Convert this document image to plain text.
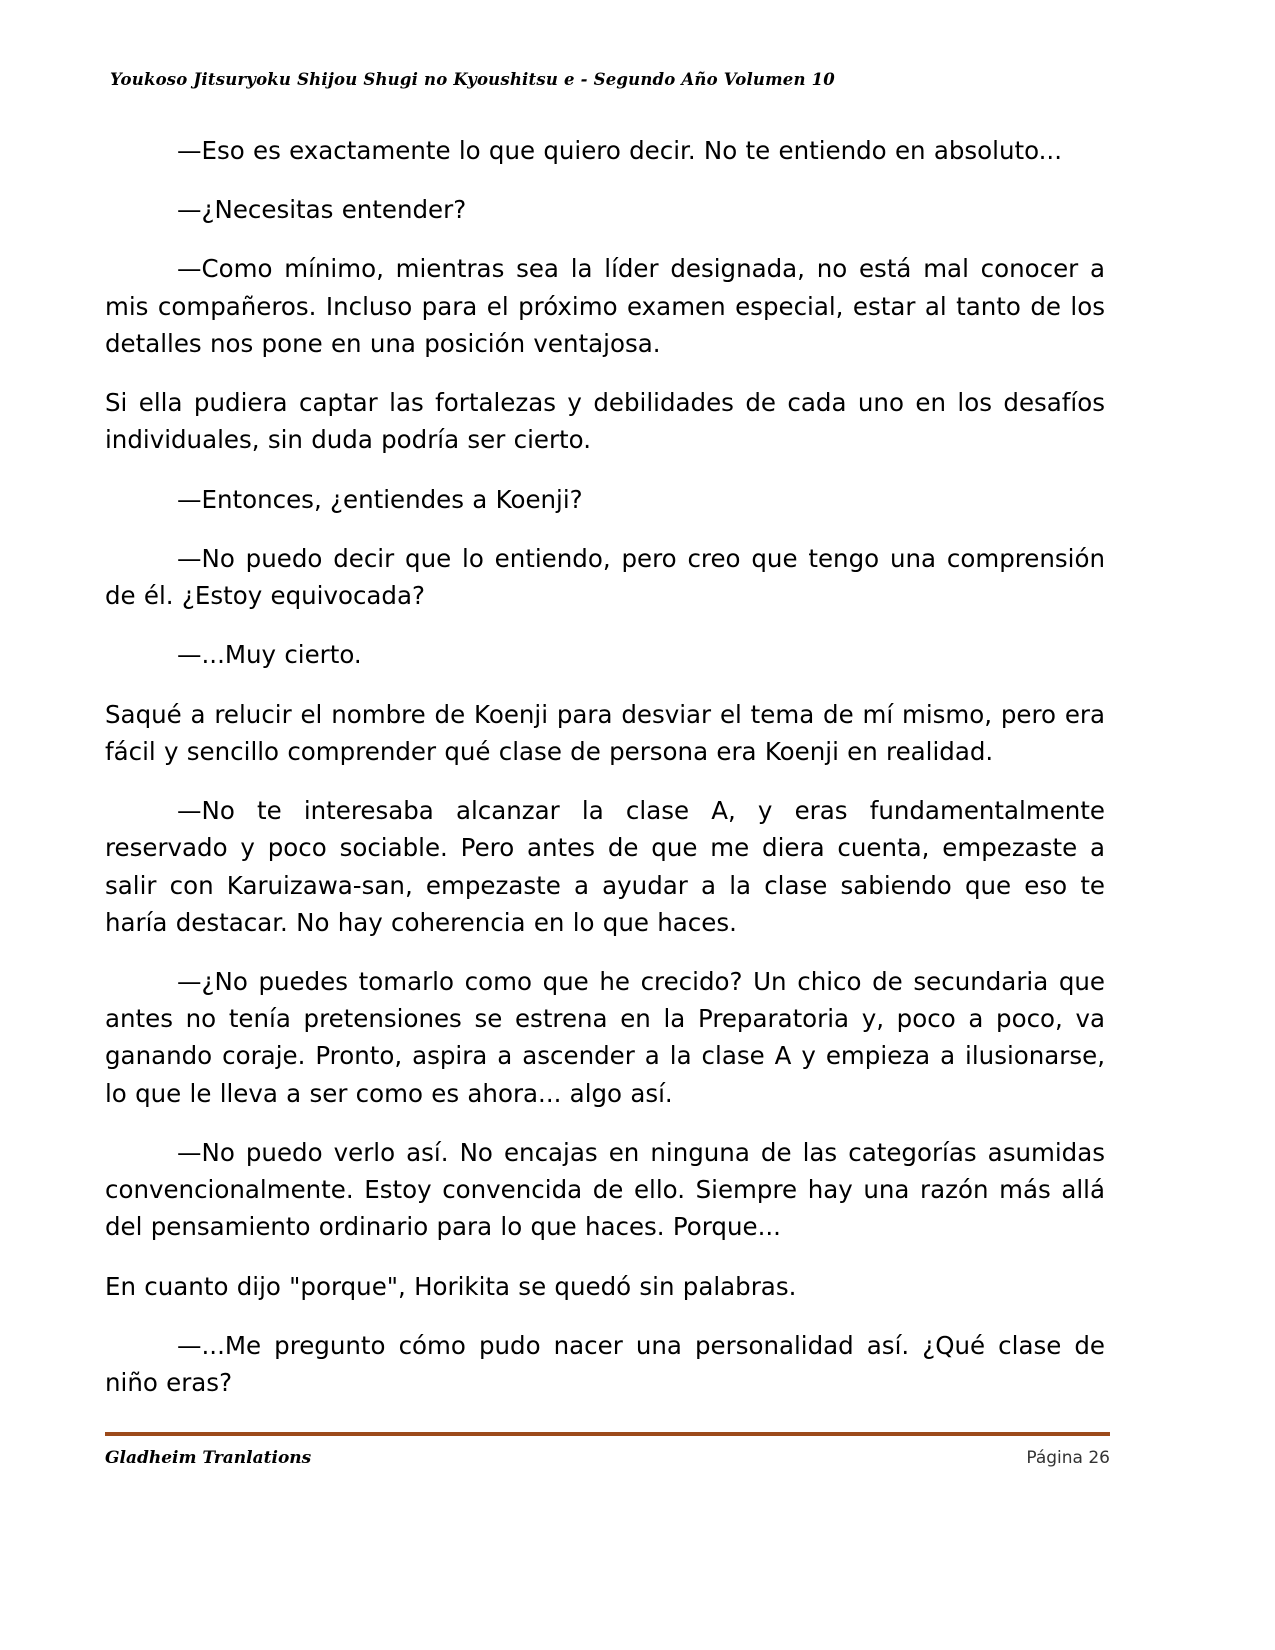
Youkoso Jitsuryoku Shijou Shugi no Kyoushitsu e - Segundo Año Volumen 10

—Eso es exactamente lo que quiero decir. No te entiendo en absoluto...

—¿Necesitas entender?

—Como mínimo, mientras sea la líder designada, no está mal conocer a mis compañeros. Incluso para el próximo examen especial, estar al tanto de los detalles nos pone en una posición ventajosa.

Si ella pudiera captar las fortalezas y debilidades de cada uno en los desafíos individuales, sin duda podría ser cierto.

—Entonces, ¿entiendes a Koenji?

—No puedo decir que lo entiendo, pero creo que tengo una comprensión de él. ¿Estoy equivocada?

—...Muy cierto.

Saqué a relucir el nombre de Koenji para desviar el tema de mí mismo, pero era fácil y sencillo comprender qué clase de persona era Koenji en realidad.

—No te interesaba alcanzar la clase A, y eras fundamentalmente reservado y poco sociable. Pero antes de que me diera cuenta, empezaste a salir con Karuizawa-san, empezaste a ayudar a la clase sabiendo que eso te haría destacar. No hay coherencia en lo que haces.

—¿No puedes tomarlo como que he crecido? Un chico de secundaria que antes no tenía pretensiones se estrena en la Preparatoria y, poco a poco, va ganando coraje. Pronto, aspira a ascender a la clase A y empieza a ilusionarse, lo que le lleva a ser como es ahora... algo así.

—No puedo verlo así. No encajas en ninguna de las categorías asumidas convencionalmente. Estoy convencida de ello. Siempre hay una razón más allá del pensamiento ordinario para lo que haces. Porque...

En cuanto dijo "porque", Horikita se quedó sin palabras.

—...Me pregunto cómo pudo nacer una personalidad así. ¿Qué clase de niño eras?

Gladheim Tranlations	Página 26
